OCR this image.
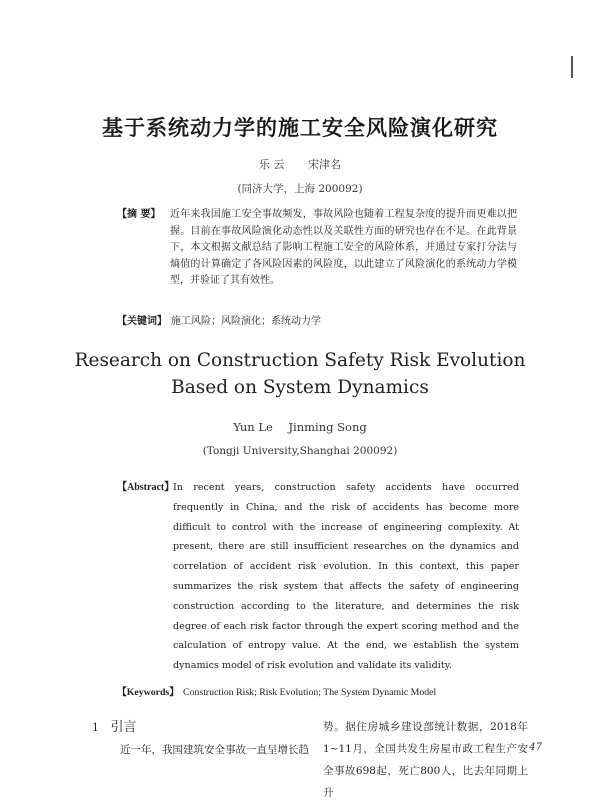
基于系统动力学的施工安全风险演化研究
乐 云 宋津名
(同济大学，上海 200092)
【摘 要】 近年来我国施工安全事故频发，事故风险也随着工程复杂度的提升而更难以把握。目前在事故风险演化动态性以及关联性方面的研究也存在不足。在此背景下，本文根据文献总结了影响工程施工安全的风险体系，并通过专家打分法与熵值的计算确定了各风险因素的风险度，以此建立了风险演化的系统动力学模型，并验证了其有效性。
【关键词】 施工风险；风险演化；系统动力学
Research on Construction Safety Risk Evolution
Based on System Dynamics
Yun Le Jinming Song
(Tongji University,Shanghai 200092)
【Abstract】
In recent years, construction safety accidents have occurred frequently in China, and the risk of accidents has become more difficult to control with the increase of engineering complexity. At present, there are still insufficient researches on the dynamics and correlation of accident risk evolution. In this context, this paper summarizes the risk system that affects the safety of engineering construction according to the literature, and determines the risk degree of each risk factor through the expert scoring method and the calculation of entropy value. At the end, we establish the system dynamics model of risk evolution and validate its validity.
【Keywords】 Construction Risk; Risk Evolution; The System Dynamic Model
1 引言
近一年，我国建筑安全事故一直呈增长趋
势。据住房城乡建设部统计数据，2018年1~11月，全国共发生房屋市政工程生产安全事故698起，死亡800人，比去年同期上升
47
